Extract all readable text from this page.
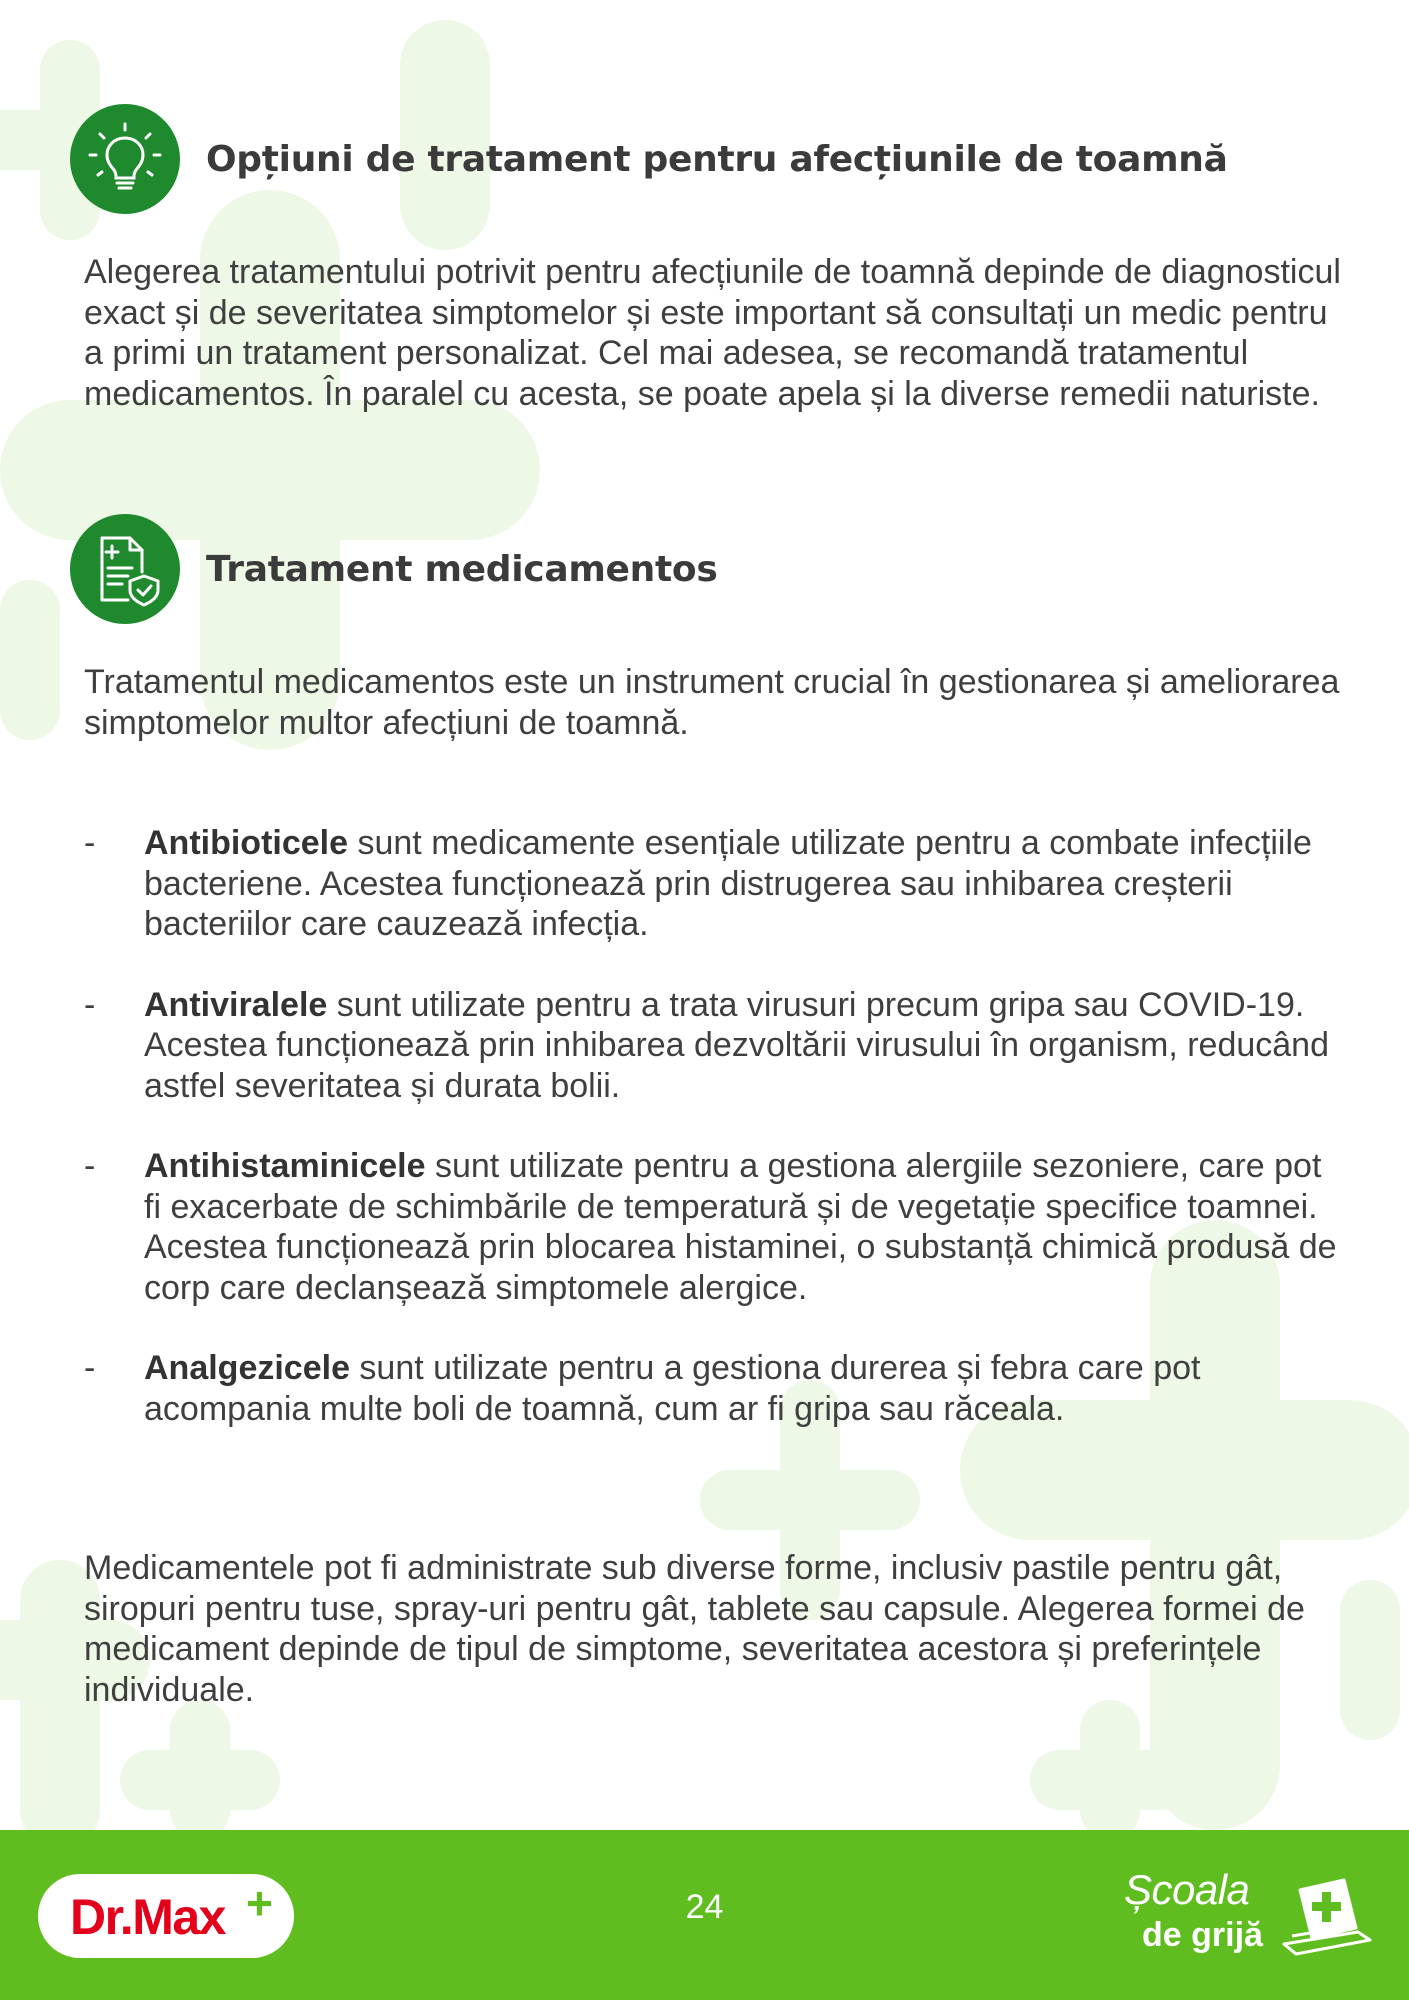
Opțiuni de tratament pentru afecțiunile de toamnă

Alegerea tratamentului potrivit pentru afecțiunile de toamnă depinde de diagnosticul exact și de severitatea simptomelor și este important să consultați un medic pentru a primi un tratament personalizat. Cel mai adesea, se recomandă tratamentul medicamentos. În paralel cu acesta, se poate apela și la diverse remedii naturiste.

Tratament medicamentos

Tratamentul medicamentos este un instrument crucial în gestionarea și ameliorarea simptomelor multor afecțiuni de toamnă.

- Antibioticele sunt medicamente esențiale utilizate pentru a combate infecțiile bacteriene. Acestea funcționează prin distrugerea sau inhibarea creșterii bacteriilor care cauzează infecția.
- Antiviralele sunt utilizate pentru a trata virusuri precum gripa sau COVID-19. Acestea funcționează prin inhibarea dezvoltării virusului în organism, reducând astfel severitatea și durata bolii.
- Antihistaminicele sunt utilizate pentru a gestiona alergiile sezoniere, care pot fi exacerbate de schimbările de temperatură și de vegetație specifice toamnei. Acestea funcționează prin blocarea histaminei, o substanță chimică produsă de corp care declanșează simptomele alergice.
- Analgezicele sunt utilizate pentru a gestiona durerea și febra care pot acompania multe boli de toamnă, cum ar fi gripa sau răceala.

Medicamentele pot fi administrate sub diverse forme, inclusiv pastile pentru gât, siropuri pentru tuse, spray-uri pentru gât, tablete sau capsule. Alegerea formei de medicament depinde de tipul de simptome, severitatea acestora și preferințele individuale.

Dr.Max +	24	Școala
de grijă
